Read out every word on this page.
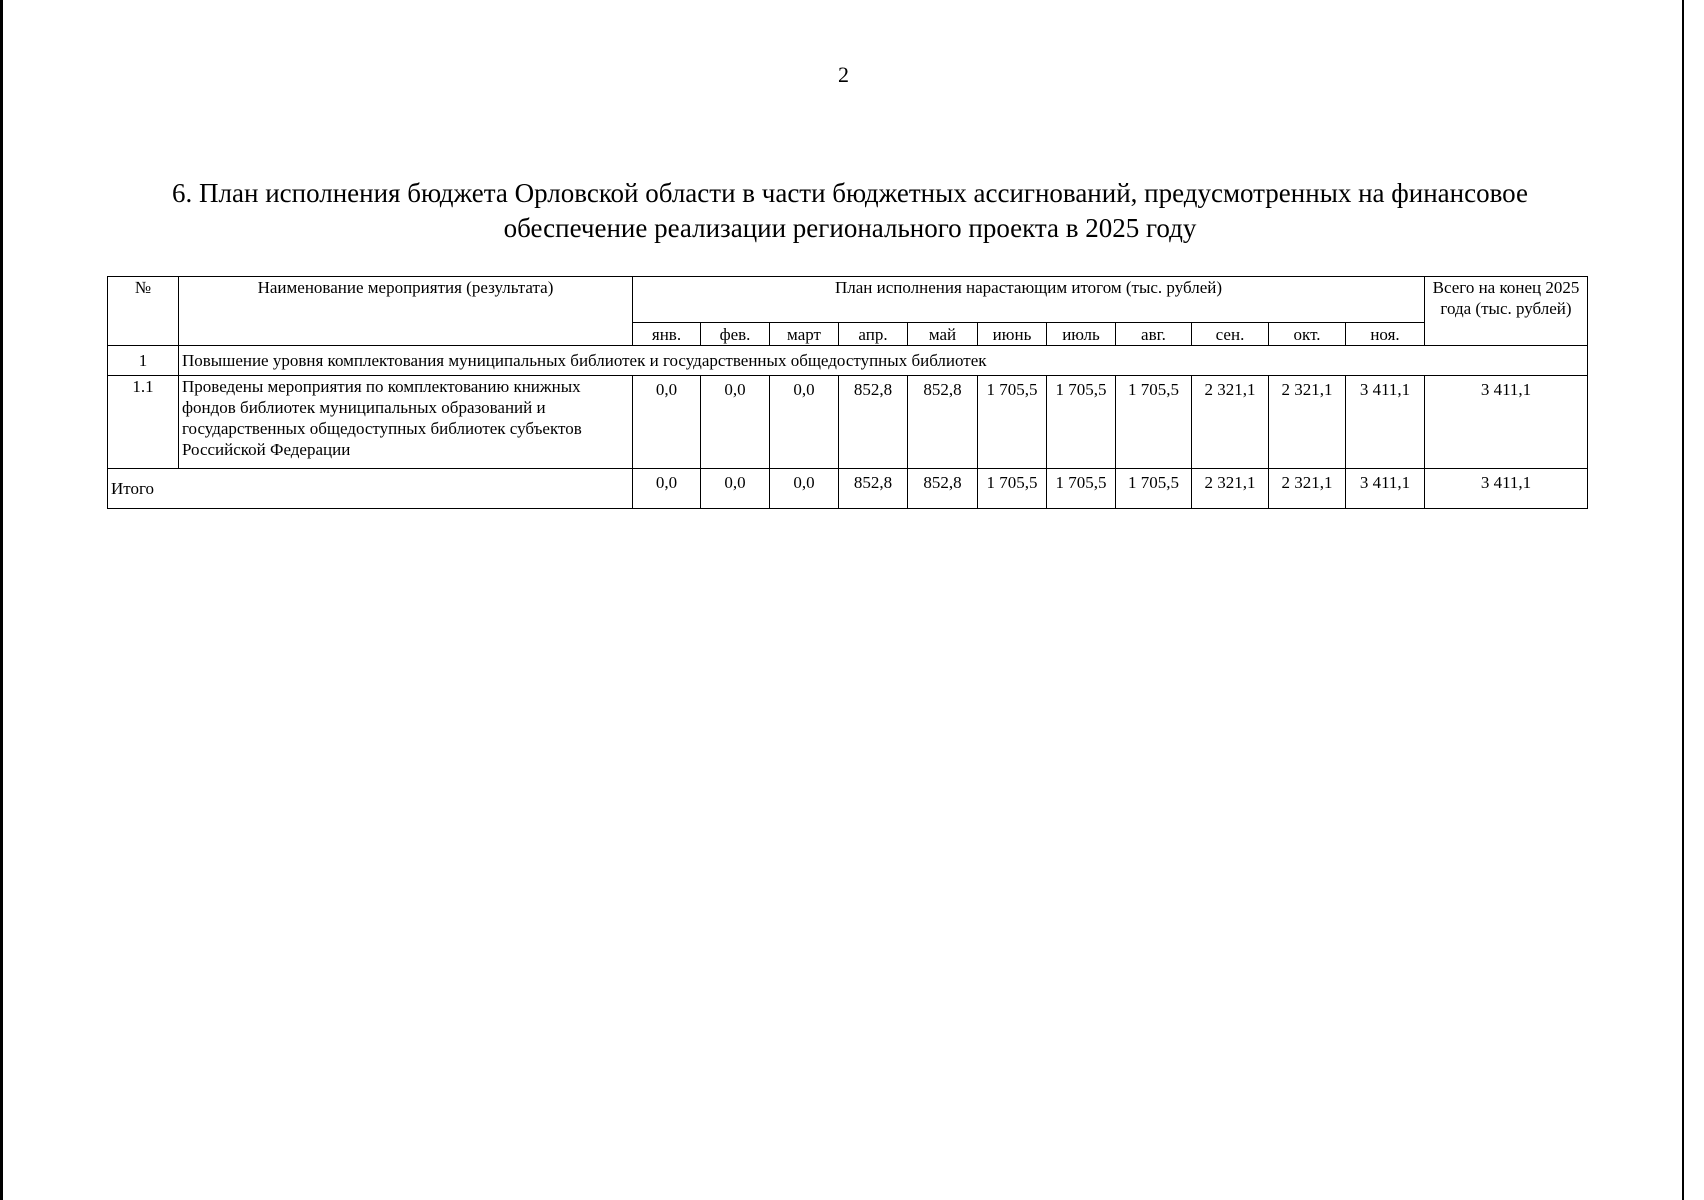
2
6. План исполнения бюджета Орловской области в части бюджетных ассигнований, предусмотренных на финансовое
обеспечение реализации регионального проекта в 2025 году
№	Наименование мероприятия (результата)	План исполнения нарастающим итогом (тыс. рублей)											Всего на конец 2025 года (тыс. рублей)
		янв.	фев.	март	апр.	май	июнь	июль	авг.	сен.	окт.	ноя.	
1	Повышение уровня комплектования муниципальных библиотек и государственных общедоступных библиотек												
1.1	Проведены мероприятия по комплектованию книжных фондов библиотек муниципальных образований и государственных общедоступных библиотек субъектов Российской Федерации	0,0	0,0	0,0	852,8	852,8	1 705,5	1 705,5	1 705,5	2 321,1	2 321,1	3 411,1	3 411,1
Итого		0,0	0,0	0,0	852,8	852,8	1 705,5	1 705,5	1 705,5	2 321,1	2 321,1	3 411,1	3 411,1
